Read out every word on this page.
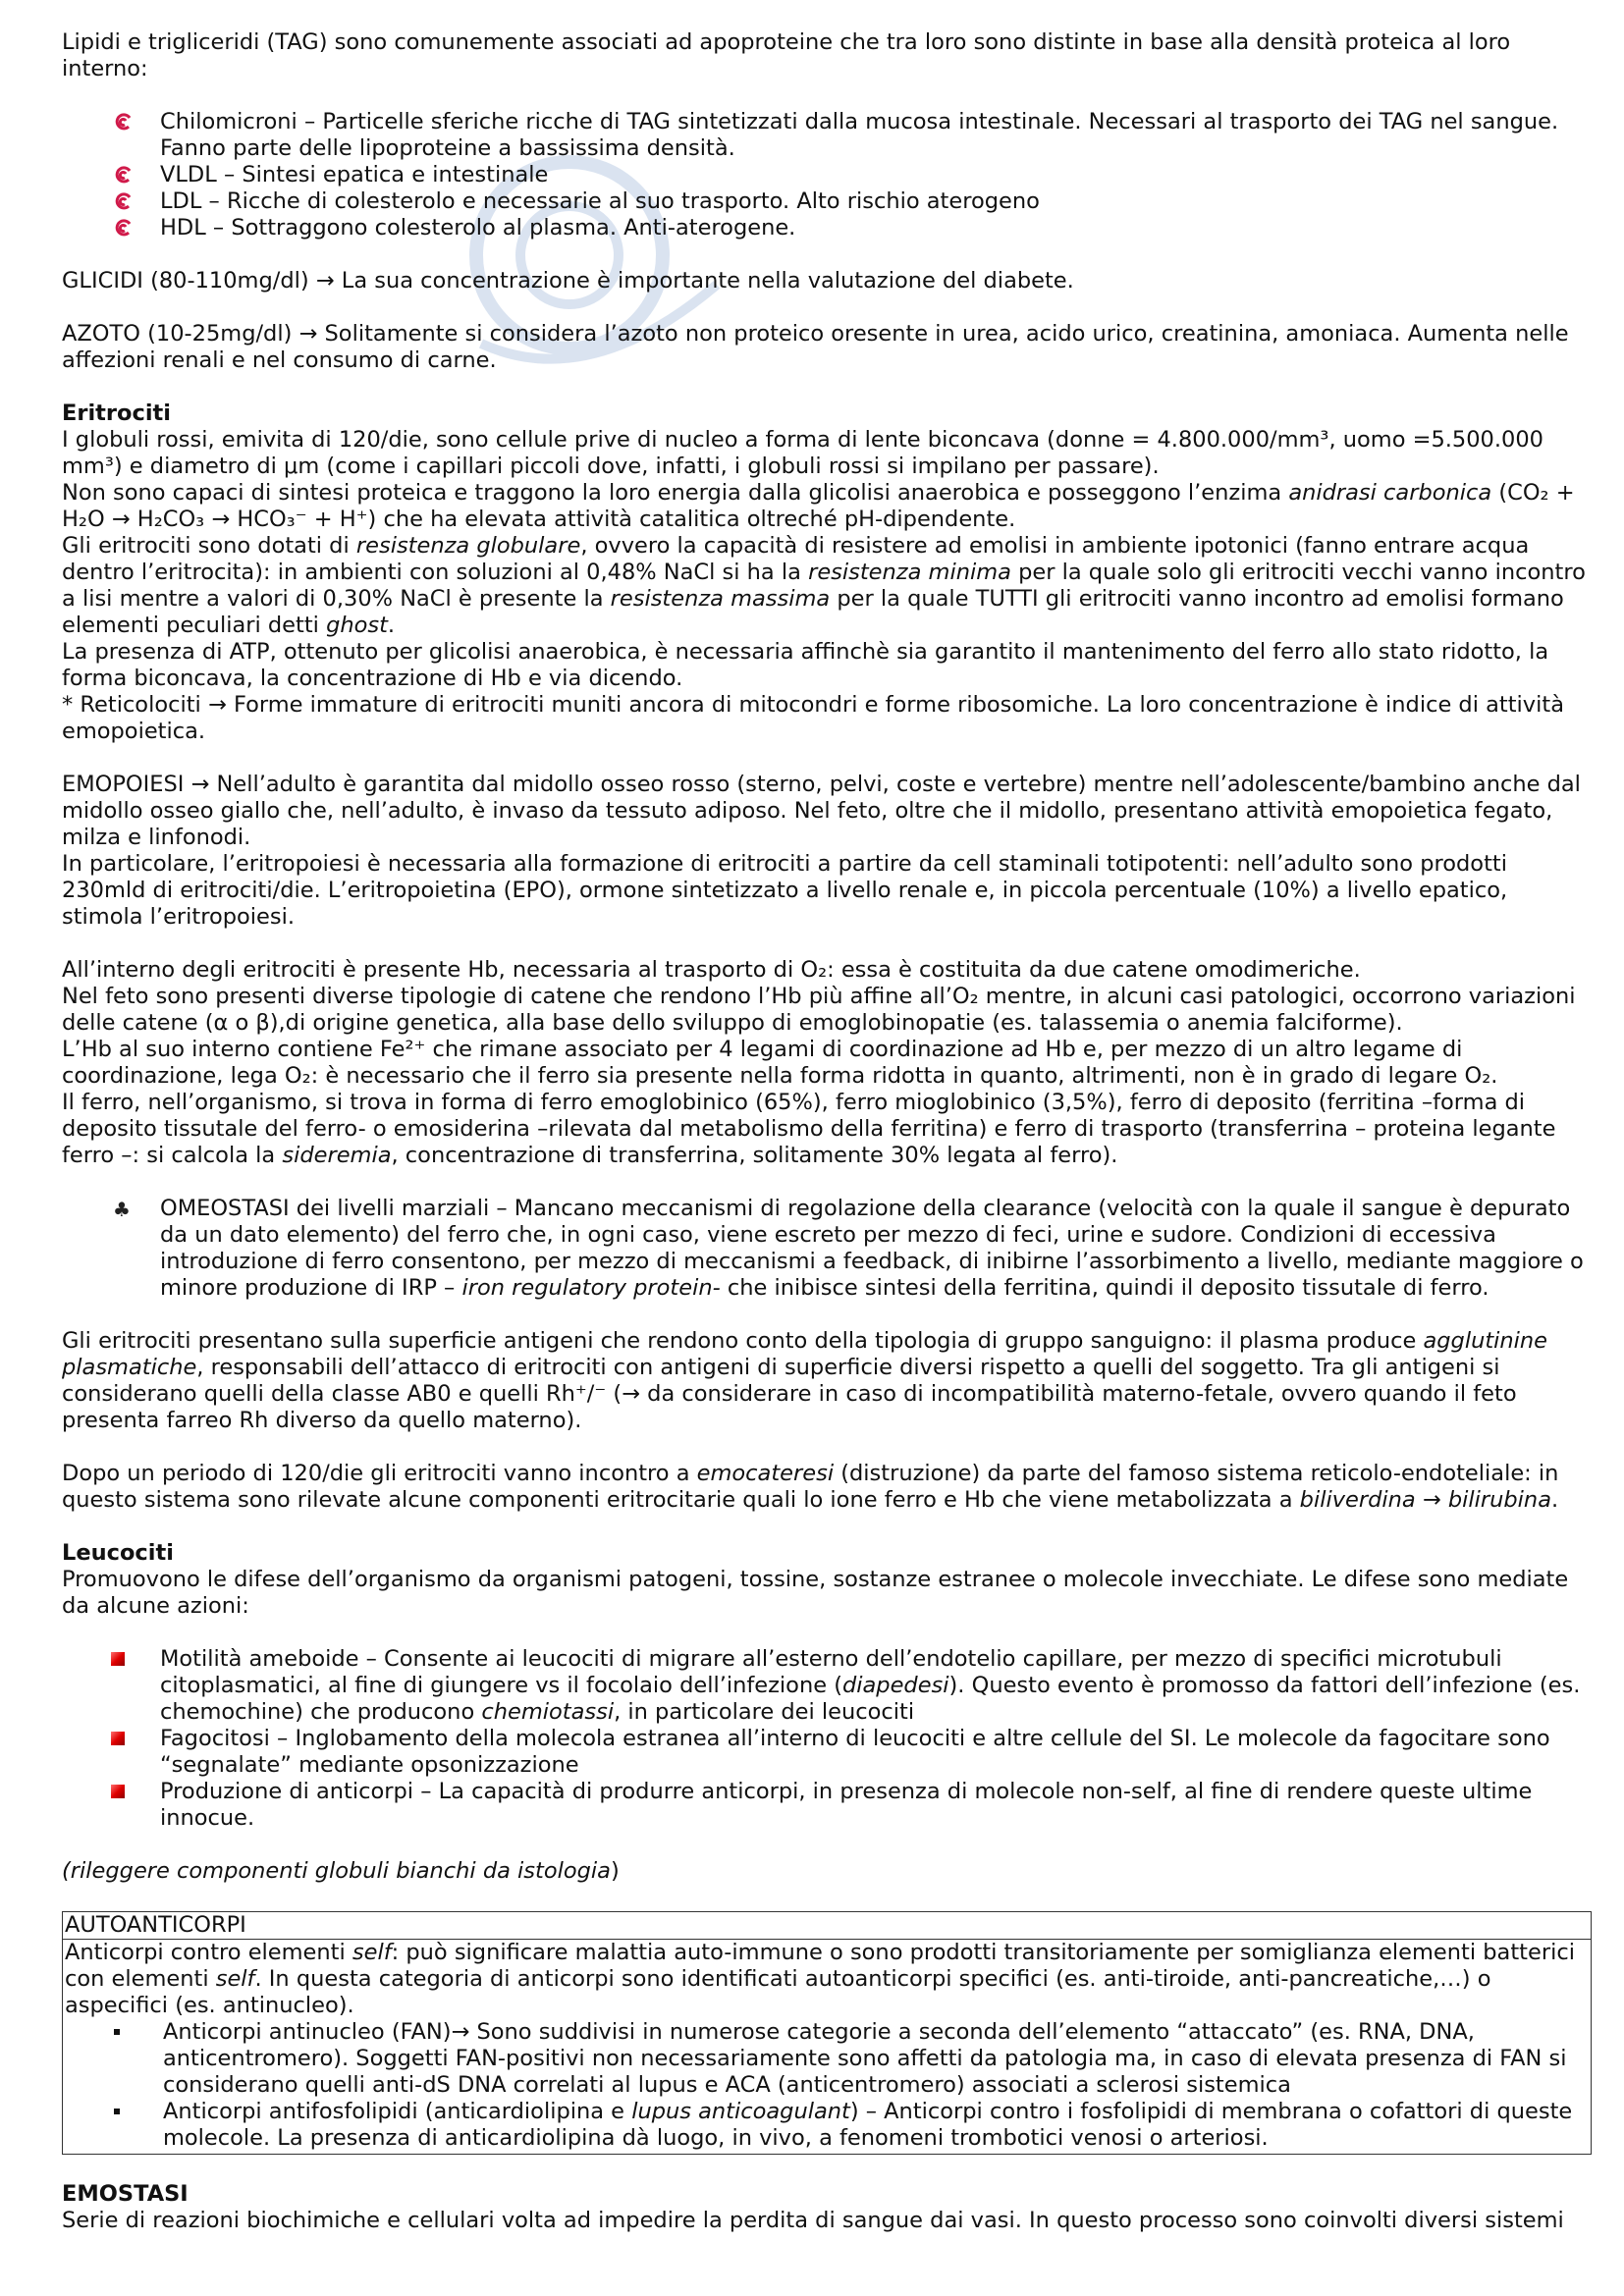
Lipidi e trigliceridi (TAG) sono comunemente associati ad apoproteine che tra loro sono distinte in base alla densità proteica al loro interno:

Chilomicroni – Particelle sferiche ricche di TAG sintetizzati dalla mucosa intestinale. Necessari al trasporto dei TAG nel sangue. Fanno parte delle lipoproteine a bassissima densità.
VLDL – Sintesi epatica e intestinale
LDL – Ricche di colesterolo e necessarie al suo trasporto. Alto rischio aterogeno
HDL – Sottraggono colesterolo al plasma. Anti-aterogene.

GLICIDI (80-110mg/dl) → La sua concentrazione è importante nella valutazione del diabete.

AZOTO (10-25mg/dl) → Solitamente si considera l’azoto non proteico oresente in urea, acido urico, creatinina, amoniaca. Aumenta nelle affezioni renali e nel consumo di carne.

Eritrociti

I globuli rossi, emivita di 120/die, sono cellule prive di nucleo a forma di lente biconcava (donne = 4.800.000/mm³, uomo =5.500.000 mm³) e diametro di μm (come i capillari piccoli dove, infatti, i globuli rossi si impilano per passare).

Non sono capaci di sintesi proteica e traggono la loro energia dalla glicolisi anaerobica e posseggono l’enzima anidrasi carbonica (CO₂ + H₂O → H₂CO₃ → HCO₃⁻ + H⁺) che ha elevata attività catalitica oltreché pH-dipendente.

Gli eritrociti sono dotati di resistenza globulare, ovvero la capacità di resistere ad emolisi in ambiente ipotonici (fanno entrare acqua dentro l’eritrocita): in ambienti con soluzioni al 0,48% NaCl si ha la resistenza minima per la quale solo gli eritrociti vecchi vanno incontro a lisi mentre a valori di 0,30% NaCl è presente la resistenza massima per la quale TUTTI gli eritrociti vanno incontro ad emolisi formano elementi peculiari detti ghost.

La presenza di ATP, ottenuto per glicolisi anaerobica, è necessaria affinchè sia garantito il mantenimento del ferro allo stato ridotto, la forma biconcava, la concentrazione di Hb e via dicendo.

* Reticolociti → Forme immature di eritrociti muniti ancora di mitocondri e forme ribosomiche. La loro concentrazione è indice di attività emopoietica.

EMOPOIESI → Nell’adulto è garantita dal midollo osseo rosso (sterno, pelvi, coste e vertebre) mentre nell’adolescente/bambino anche dal midollo osseo giallo che, nell’adulto, è invaso da tessuto adiposo. Nel feto, oltre che il midollo, presentano attività emopoietica fegato, milza e linfonodi.

In particolare, l’eritropoiesi è necessaria alla formazione di eritrociti a partire da cell staminali totipotenti: nell’adulto sono prodotti 230mld di eritrociti/die. L’eritropoietina (EPO), ormone sintetizzato a livello renale e, in piccola percentuale (10%) a livello epatico, stimola l’eritropoiesi.

All’interno degli eritrociti è presente Hb, necessaria al trasporto di O₂: essa è costituita da due catene omodimeriche.

Nel feto sono presenti diverse tipologie di catene che rendono l’Hb più affine all’O₂ mentre, in alcuni casi patologici, occorrono variazioni delle catene (α o β),di origine genetica, alla base dello sviluppo di emoglobinopatie (es. talassemia o anemia falciforme).

L’Hb al suo interno contiene Fe²⁺ che rimane associato per 4 legami di coordinazione ad Hb e, per mezzo di un altro legame di coordinazione, lega O₂: è necessario che il ferro sia presente nella forma ridotta in quanto, altrimenti, non è in grado di legare O₂.

Il ferro, nell’organismo, si trova in forma di ferro emoglobinico (65%), ferro mioglobinico (3,5%), ferro di deposito (ferritina –forma di deposito tissutale del ferro- o emosiderina –rilevata dal metabolismo della ferritina) e ferro di trasporto (transferrina – proteina legante ferro –: si calcola la sideremia, concentrazione di transferrina, solitamente 30% legata al ferro).

♣ OMEOSTASI dei livelli marziali – Mancano meccanismi di regolazione della clearance (velocità con la quale il sangue è depurato da un dato elemento) del ferro che, in ogni caso, viene escreto per mezzo di feci, urine e sudore. Condizioni di eccessiva introduzione di ferro consentono, per mezzo di meccanismi a feedback, di inibirne l’assorbimento a livello, mediante maggiore o minore produzione di IRP – iron regulatory protein- che inibisce sintesi della ferritina, quindi il deposito tissutale di ferro.

Gli eritrociti presentano sulla superficie antigeni che rendono conto della tipologia di gruppo sanguigno: il plasma produce agglutinine plasmatiche, responsabili dell’attacco di eritrociti con antigeni di superficie diversi rispetto a quelli del soggetto. Tra gli antigeni si considerano quelli della classe AB0 e quelli Rh⁺/⁻ (→ da considerare in caso di incompatibilità materno-fetale, ovvero quando il feto presenta farreo Rh diverso da quello materno).

Dopo un periodo di 120/die gli eritrociti vanno incontro a emocateresi (distruzione) da parte del famoso sistema reticolo-endoteliale: in questo sistema sono rilevate alcune componenti eritrocitarie quali lo ione ferro e Hb che viene metabolizzata a biliverdina → bilirubina.

Leucociti

Promuovono le difese dell’organismo da organismi patogeni, tossine, sostanze estranee o molecole invecchiate. Le difese sono mediate da alcune azioni:

Motilità ameboide – Consente ai leucociti di migrare all’esterno dell’endotelio capillare, per mezzo di specifici microtubuli citoplasmatici, al fine di giungere vs il focolaio dell’infezione (diapedesi). Questo evento è promosso da fattori dell’infezione (es. chemochine) che producono chemiotassi, in particolare dei leucociti
Fagocitosi – Inglobamento della molecola estranea all’interno di leucociti e altre cellule del SI. Le molecole da fagocitare sono “segnalate” mediante opsonizzazione
Produzione di anticorpi – La capacità di produrre anticorpi, in presenza di molecole non-self, al fine di rendere queste ultime innocue.

(rileggere componenti globuli bianchi da istologia)

AUTOANTICORPI

Anticorpi contro elementi self: può significare malattia auto-immune o sono prodotti transitoriamente per somiglianza elementi batterici con elementi self. In questa categoria di anticorpi sono identificati autoanticorpi specifici (es. anti-tiroide, anti-pancreatiche,…) o aspecifici (es. antinucleo).

Anticorpi antinucleo (FAN)→ Sono suddivisi in numerose categorie a seconda dell’elemento “attaccato” (es. RNA, DNA, anticentromero). Soggetti FAN-positivi non necessariamente sono affetti da patologia ma, in caso di elevata presenza di FAN si considerano quelli anti-dS DNA correlati al lupus e ACA (anticentromero) associati a sclerosi sistemica
Anticorpi antifosfolipidi (anticardiolipina e lupus anticoagulant) – Anticorpi contro i fosfolipidi di membrana o cofattori di queste molecole. La presenza di anticardiolipina dà luogo, in vivo, a fenomeni trombotici venosi o arteriosi.

EMOSTASI

Serie di reazioni biochimiche e cellulari volta ad impedire la perdita di sangue dai vasi. In questo processo sono coinvolti diversi sistemi
